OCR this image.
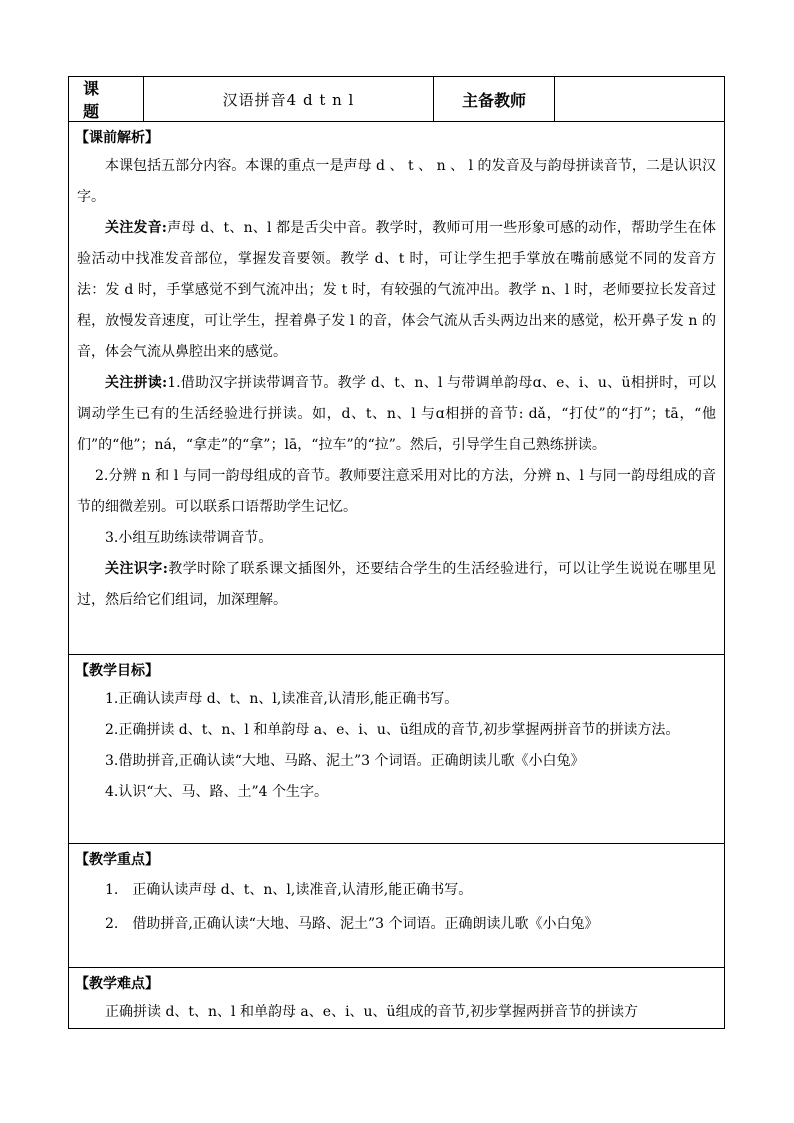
课　题
汉语拼音4 d t n l	主备教师
【课前解析】

本课包括五部分内容。本课的重点一是声母 d 、 t 、 n 、 l 的发音及与韵母拼读音节，二是认识汉字。

关注发音:声母 d、t、n、l 都是舌尖中音。教学时，教师可用一些形象可感的动作，帮助学生在体验活动中找准发音部位，掌握发音要领。教学 d、t 时，可让学生把手掌放在嘴前感觉不同的发音方法：发 d 时，手掌感觉不到气流冲出；发 t 时，有较强的气流冲出。教学 n、l 时，老师要拉长发音过程，放慢发音速度，可让学生，捏着鼻子发 l 的音，体会气流从舌头两边出来的感觉，松开鼻子发 n 的音，体会气流从鼻腔出来的感觉。

关注拼读:1.借助汉字拼读带调音节。教学 d、t、n、l 与带调单韵母ɑ、e、i、u、ü相拼时，可以调动学生已有的生活经验进行拼读。如，d、t、n、l 与ɑ相拼的音节: dǎ，“打仗”的“打”；tā，“他们”的“他”；ná，“拿走”的“拿”；lā，“拉车”的“拉”。然后，引导学生自己熟练拼读。

2.分辨 n 和 l 与同一韵母组成的音节。教师要注意采用对比的方法，分辨 n、l 与同一韵母组成的音节的细微差别。可以联系口语帮助学生记忆。

3.小组互助练读带调音节。

关注识字:教学时除了联系课文插图外，还要结合学生的生活经验进行，可以让学生说说在哪里见过，然后给它们组词，加深理解。

【教学目标】

1.正确认读声母 d、t、n、l,读准音,认清形,能正确书写。

2.正确拼读 d、t、n、l 和单韵母 a、e、i、u、ü组成的音节,初步掌握两拼音节的拼读方法。

3.借助拼音,正确认读“大地、马路、泥土”3 个词语。正确朗读儿歌《小白兔》

4.认识“大、马、路、土”4 个生字。

【教学重点】

1.　正确认读声母 d、t、n、l,读准音,认清形,能正确书写。

2.　借助拼音,正确认读“大地、马路、泥土”3 个词语。正确朗读儿歌《小白兔》

【教学难点】

正确拼读 d、t、n、l 和单韵母 a、e、i、u、ü组成的音节,初步掌握两拼音节的拼读方
